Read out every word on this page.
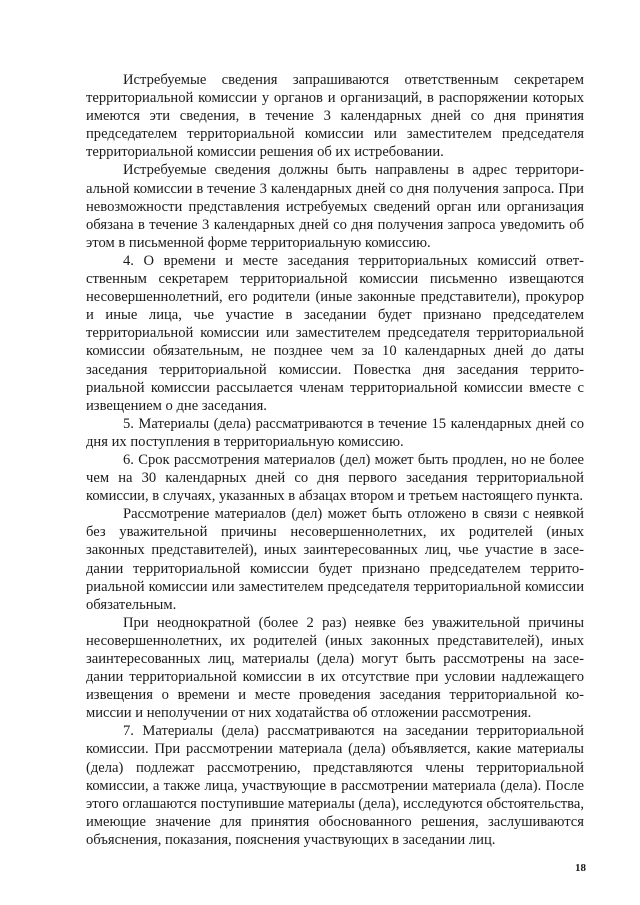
Истребуемые сведения запрашиваются ответственным секретарем территориальной комиссии у органов и организаций, в распоряжении которых имеются эти сведения, в течение 3 календарных дней со дня принятия председателем территориальной комиссии или заместителем председателя территориальной комиссии решения об их истребовании.

Истребуемые сведения должны быть направлены в адрес территориальной комиссии в течение 3 календарных дней со дня получения запроса. При невозможности представления истребуемых сведений орган или организация обязана в течение 3 календарных дней со дня получения запроса уведомить об этом в письменной форме территориальную комиссию.

4. О времени и месте заседания территориальных комиссий ответственным секретарем территориальной комиссии письменно извещаются несовершеннолетний, его родители (иные законные представители), прокурор и иные лица, чье участие в заседании будет признано председателем территориальной комиссии или заместителем председателя территориальной комиссии обязательным, не позднее чем за 10 календарных дней до даты заседания территориальной комиссии. Повестка дня заседания территориальной комиссии рассылается членам территориальной комиссии вместе с извещением о дне заседания.

5. Материалы (дела) рассматриваются в течение 15 календарных дней со дня их поступления в территориальную комиссию.

6. Срок рассмотрения материалов (дел) может быть продлен, но не более чем на 30 календарных дней со дня первого заседания территориальной комиссии, в случаях, указанных в абзацах втором и третьем настоящего пункта.

Рассмотрение материалов (дел) может быть отложено в связи с неявкой без уважительной причины несовершеннолетних, их родителей (иных законных представителей), иных заинтересованных лиц, чье участие в заседании территориальной комиссии будет признано председателем территориальной комиссии или заместителем председателя территориальной комиссии обязательным.

При неоднократной (более 2 раз) неявке без уважительной причины несовершеннолетних, их родителей (иных законных представителей), иных заинтересованных лиц, материалы (дела) могут быть рассмотрены на заседании территориальной комиссии в их отсутствие при условии надлежащего извещения о времени и месте проведения заседания территориальной комиссии и неполучении от них ходатайства об отложении рассмотрения.

7. Материалы (дела) рассматриваются на заседании территориальной комиссии. При рассмотрении материала (дела) объявляется, какие материалы (дела) подлежат рассмотрению, представляются члены территориальной комиссии, а также лица, участвующие в рассмотрении материала (дела). После этого оглашаются поступившие материалы (дела), исследуются обстоятельства, имеющие значение для принятия обоснованного решения, заслушиваются объяснения, показания, пояснения участвующих в заседании лиц.

18
